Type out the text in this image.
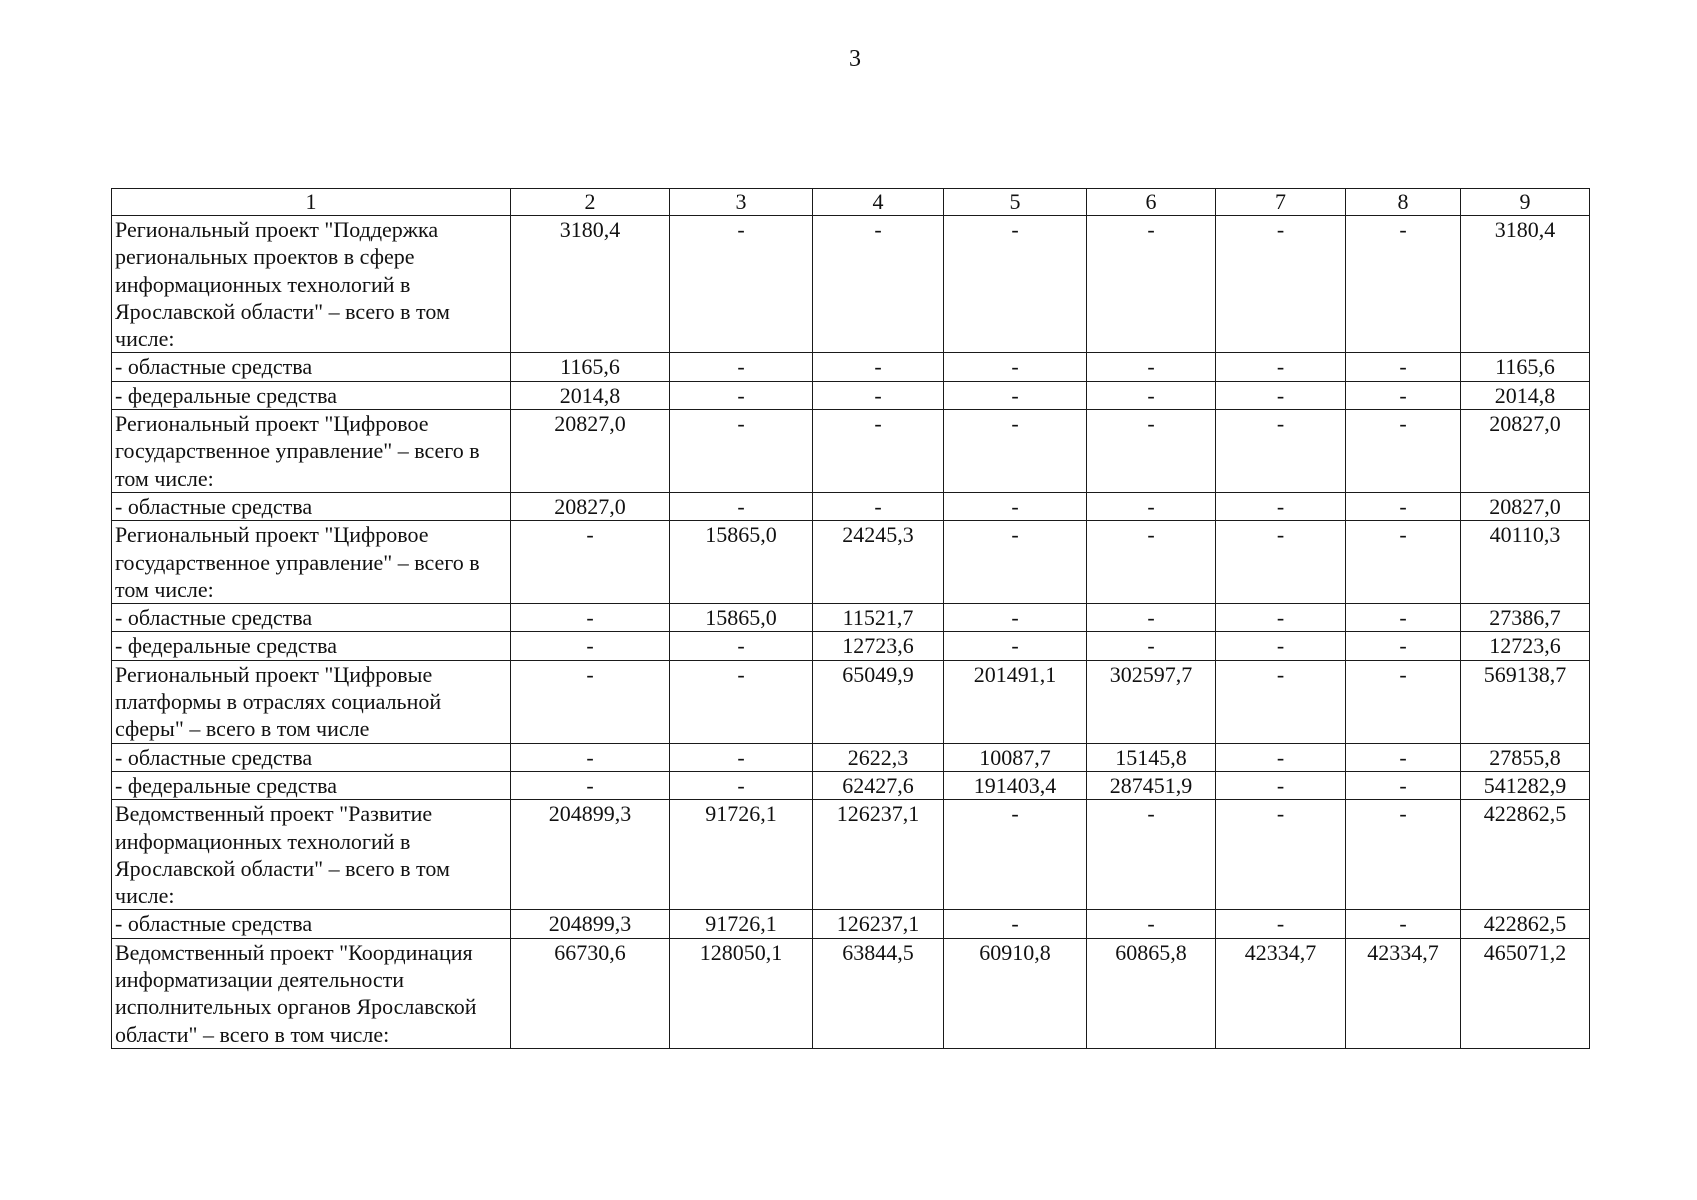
3
1	2	3	4	5	6	7	8	9
Региональный проект "Поддержка региональных проектов в сфере информационных технологий в Ярославской области" – всего в том числе:	3180,4	-	-	-	-	-	-	3180,4
- областные средства	1165,6	-	-	-	-	-	-	1165,6
- федеральные средства	2014,8	-	-	-	-	-	-	2014,8
Региональный проект "Цифровое государственное управление" – всего в том числе:	20827,0	-	-	-	-	-	-	20827,0
- областные средства	20827,0	-	-	-	-	-	-	20827,0
Региональный проект "Цифровое государственное управление" – всего в том числе:	-	15865,0	24245,3	-	-	-	-	40110,3
- областные средства	-	15865,0	11521,7	-	-	-	-	27386,7
- федеральные средства	-	-	12723,6	-	-	-	-	12723,6
Региональный проект "Цифровые платформы в отраслях социальной сферы" – всего в том числе	-	-	65049,9	201491,1	302597,7	-	-	569138,7
- областные средства	-	-	2622,3	10087,7	15145,8	-	-	27855,8
- федеральные средства	-	-	62427,6	191403,4	287451,9	-	-	541282,9
Ведомственный проект "Развитие информационных технологий в Ярославской области" – всего в том числе:	204899,3	91726,1	126237,1	-	-	-	-	422862,5
- областные средства	204899,3	91726,1	126237,1	-	-	-	-	422862,5
Ведомственный проект "Координация информатизации деятельности исполнительных органов Ярославской области" – всего в том числе:	66730,6	128050,1	63844,5	60910,8	60865,8	42334,7	42334,7	465071,2
